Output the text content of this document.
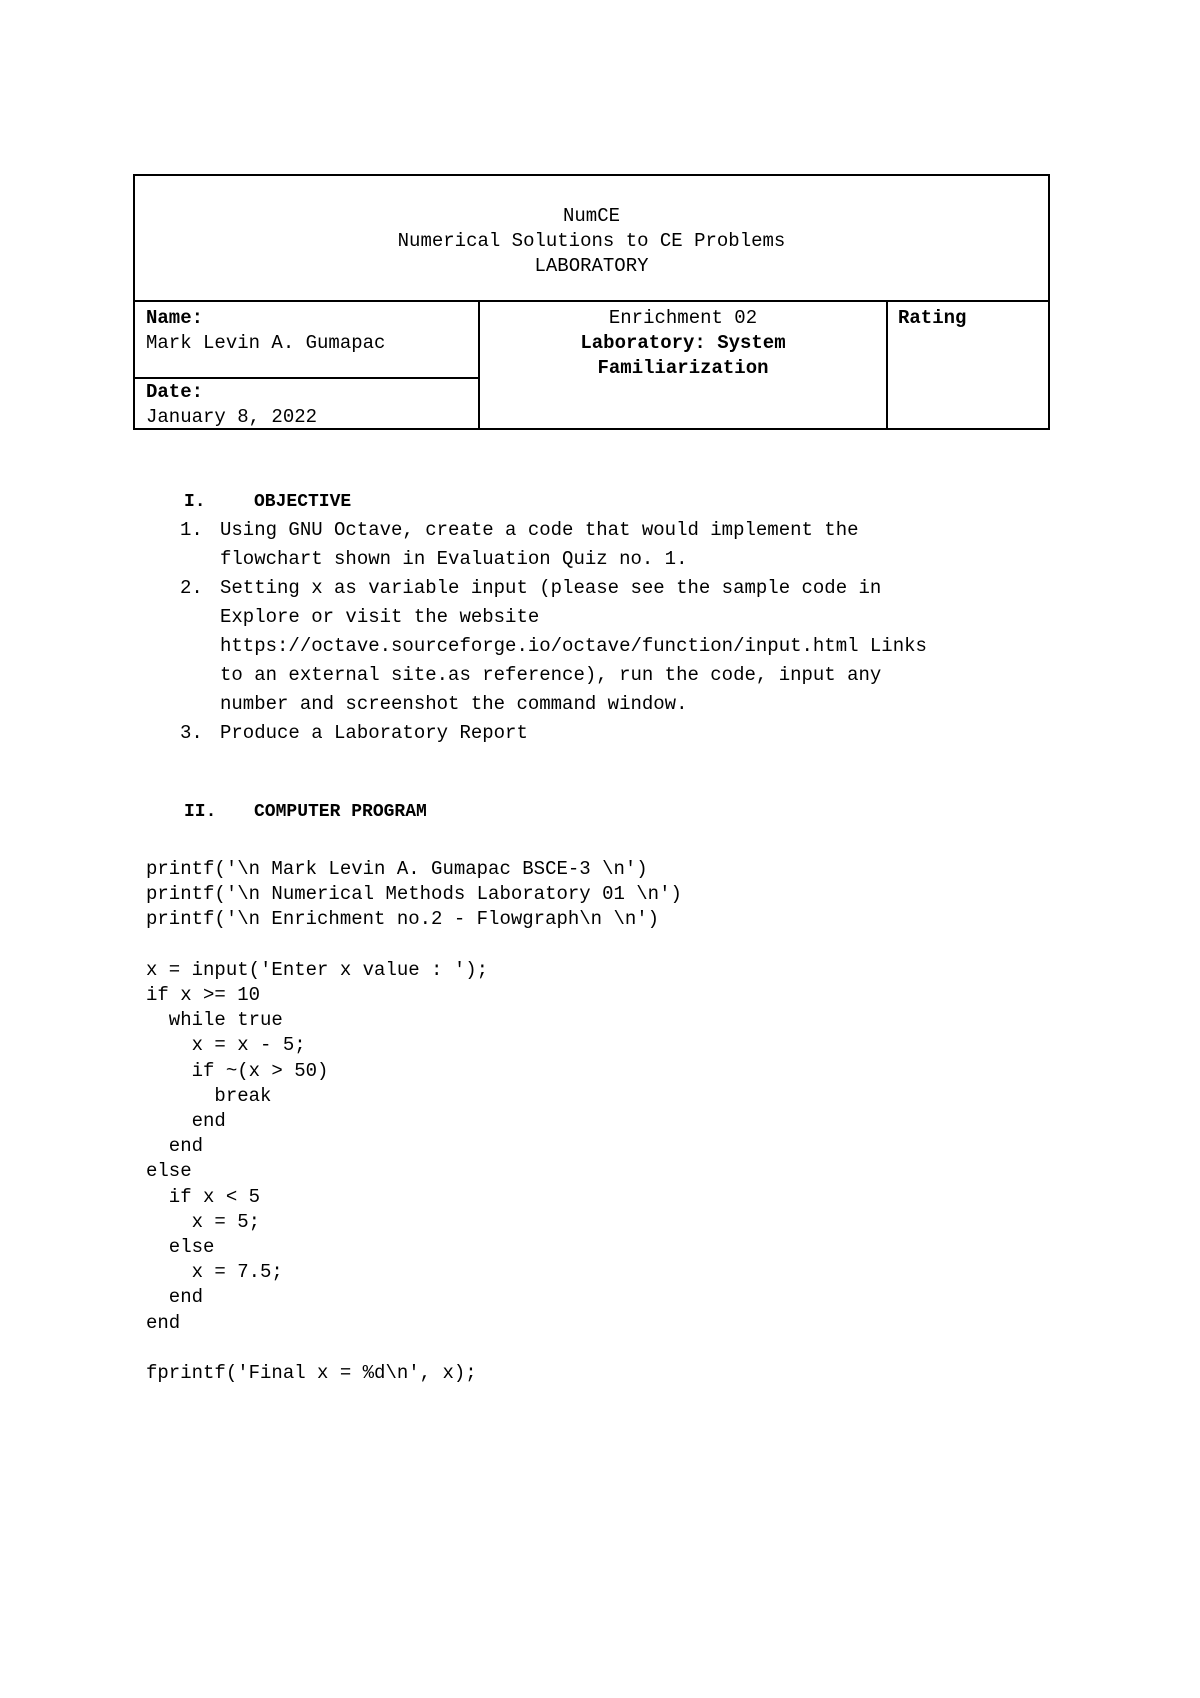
NumCE
Numerical Solutions to CE Problems
LABORATORY
Name:
Mark Levin A. Gumapac
Date:
January 8, 2022
Enrichment 02
Laboratory: System
Familiarization
Rating
I.	OBJECTIVE
1. Using GNU Octave, create a code that would implement the
flowchart shown in Evaluation Quiz no. 1.
2. Setting x as variable input (please see the sample code in
Explore or visit the website
https://octave.sourceforge.io/octave/function/input.html Links
to an external site.as reference), run the code, input any
number and screenshot the command window.
3. Produce a Laboratory Report
II. COMPUTER PROGRAM
printf('\n Mark Levin A. Gumapac BSCE-3 \n')
printf('\n Numerical Methods Laboratory 01 \n')
printf('\n Enrichment no.2 - Flowgraph\n \n')

x = input('Enter x value : ');
if x >= 10
while true
x = x - 5;
if ~(x > 50)
break
end
end
else
if x < 5
x = 5;
else
x = 7.5;
end
end

fprintf('Final x = %d\n', x);
